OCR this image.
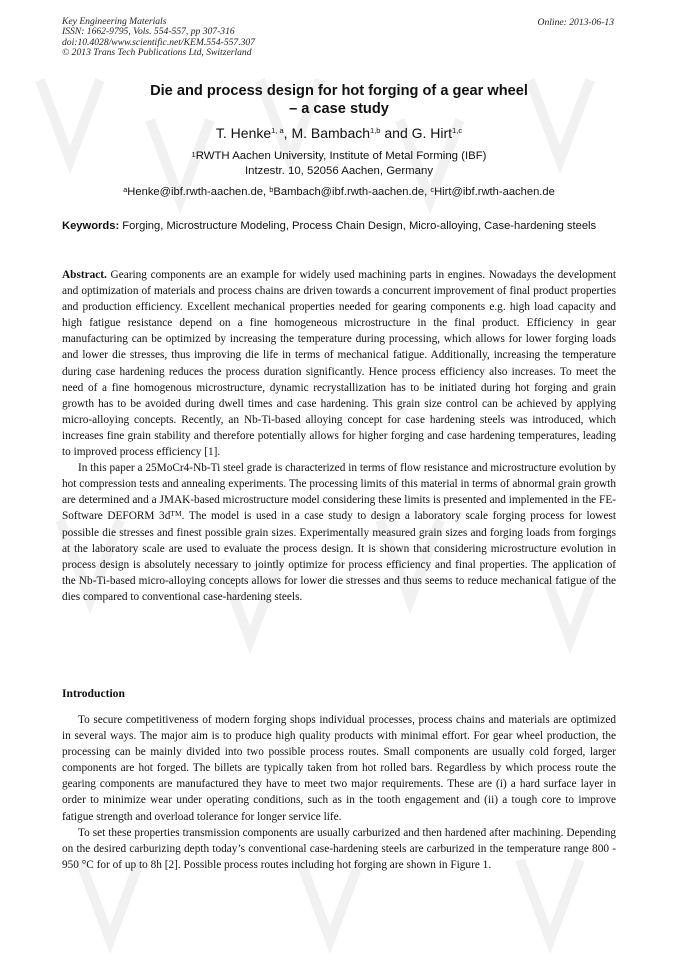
Key Engineering Materials
ISSN: 1662-9795, Vols. 554-557, pp 307-316
doi:10.4028/www.scientific.net/KEM.554-557.307
© 2013 Trans Tech Publications Ltd, Switzerland
Online: 2013-06-13
Die and process design for hot forging of a gear wheel
– a case study
T. Henke$^{1, a}$, M. Bambach$^{1,b}$ and G. Hirt$^{1,c}$
$^1$RWTH Aachen University, Institute of Metal Forming (IBF)
Intzestr. 10, 52056 Aachen, Germany
$^a$Henke@ibf.rwth-aachen.de, $^b$Bambach@ibf.rwth-aachen.de, $^c$Hirt@ibf.rwth-aachen.de
Keywords: Forging, Microstructure Modeling, Process Chain Design, Micro-alloying, Case-hardening steels

Abstract. Gearing components are an example for widely used machining parts in engines. Nowadays the development and optimization of materials and process chains are driven towards a concurrent improvement of final product properties and production efficiency. Excellent mechanical properties needed for gearing components e.g. high load capacity and high fatigue resistance depend on a fine homogeneous microstructure in the final product. Efficiency in gear manufacturing can be optimized by increasing the temperature during processing, which allows for lower forging loads and lower die stresses, thus improving die life in terms of mechanical fatigue. Additionally, increasing the temperature during case hardening reduces the process duration significantly. Hence process efficiency also increases. To meet the need of a fine homogenous microstructure, dynamic recrystallization has to be initiated during hot forging and grain growth has to be avoided during dwell times and case hardening. This grain size control can be achieved by applying micro-alloying concepts. Recently, an Nb-Ti-based alloying concept for case hardening steels was introduced, which increases fine grain stability and therefore potentially allows for higher forging and case hardening temperatures, leading to improved process efficiency [1].

In this paper a 25MoCr4-Nb-Ti steel grade is characterized in terms of flow resistance and microstructure evolution by hot compression tests and annealing experiments. The processing limits of this material in terms of abnormal grain growth are determined and a JMAK-based microstructure model considering these limits is presented and implemented in the FE-Software DEFORM 3d™. The model is used in a case study to design a laboratory scale forging process for lowest possible die stresses and finest possible grain sizes. Experimentally measured grain sizes and forging loads from forgings at the laboratory scale are used to evaluate the process design. It is shown that considering microstructure evolution in process design is absolutely necessary to jointly optimize for process efficiency and final properties. The application of the Nb-Ti-based micro-alloying concepts allows for lower die stresses and thus seems to reduce mechanical fatigue of the dies compared to conventional case-hardening steels.

Introduction

To secure competitiveness of modern forging shops individual processes, process chains and materials are optimized in several ways. The major aim is to produce high quality products with minimal effort. For gear wheel production, the processing can be mainly divided into two possible process routes. Small components are usually cold forged, larger components are hot forged. The billets are typically taken from hot rolled bars. Regardless by which process route the gearing components are manufactured they have to meet two major requirements. These are (i) a hard surface layer in order to minimize wear under operating conditions, such as in the tooth engagement and (ii) a tough core to improve fatigue strength and overload tolerance for longer service life.

To set these properties transmission components are usually carburized and then hardened after machining. Depending on the desired carburizing depth today’s conventional case-hardening steels are carburized in the temperature range 800 - 950 °C for of up to 8h [2]. Possible process routes including hot forging are shown in Figure 1.
